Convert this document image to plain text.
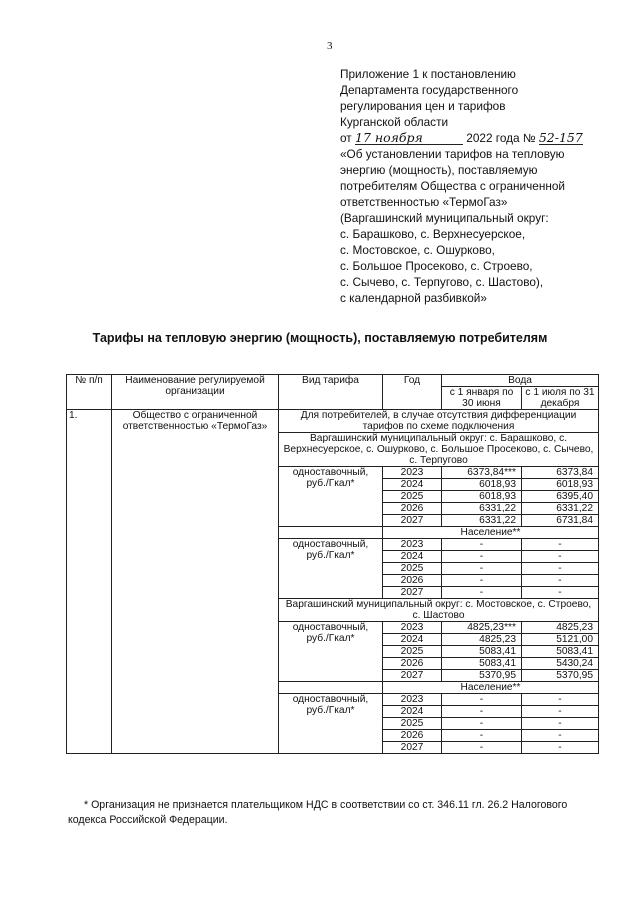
3
Приложение 1 к постановлению
Департамента государственного
регулирования цен и тарифов
Курганской области
от 17 ноября	2022 года № 52-157
«Об установлении тарифов на тепловую
энергию (мощность), поставляемую
потребителям Общества с ограниченной
ответственностью «ТермоГаз»
(Варгашинский муниципальный округ:
с. Барашково, с. Верхнесуерское,
с. Мостовское, с. Ошурково,
с. Большое Просеково, с. Строево,
с. Сычево, с. Терпугово, с. Шастово),
с календарной разбивкой»
Тарифы на тепловую энергию (мощность), поставляемую потребителям
№ п/п	Наименование регулируемой организации	Вид тарифа	Год	Вода	
				с 1 января по 30 июня	с 1 июля по 31 декабря

1.	Общество с ограниченной ответственностью «ТермоГаз»	Для потребителей, в случае отсутствия дифференциации тарифов по схеме подключения			

		Варгашинский муниципальный округ: с. Барашково, с. Верхнесуерское, с. Ошурково, с. Большое Просеково, с. Сычево, с. Терпугово			

		одноставочный, руб./Гкал*	2023	6373,84***	6373,84
			2024	6018,93	6018,93
			2025	6018,93	6395,40
			2026	6331,22	6331,22
			2027	6331,22	6731,84
			Население**		
		одноставочный, руб./Гкал*	2023	-	-
			2024	-	-
			2025	-	-
			2026	-	-
			2027	-	-
		Варгашинский муниципальный округ: с. Мостовское, с. Строево, с. Шастово			

		одноставочный, руб./Гкал*	2023	4825,23***	4825,23
			2024	4825,23	5121,00
			2025	5083,41	5083,41
			2026	5083,41	5430,24
			2027	5370,95	5370,95
			Население**		
		одноставочный, руб./Гкал*	2023	-	-
			2024	-	-
			2025	-	-
			2026	-	-
			2027	-	-
* Организация не признается плательщиком НДС в соответствии со ст. 346.11 гл. 26.2 Налогового
кодекса Российской Федерации.
